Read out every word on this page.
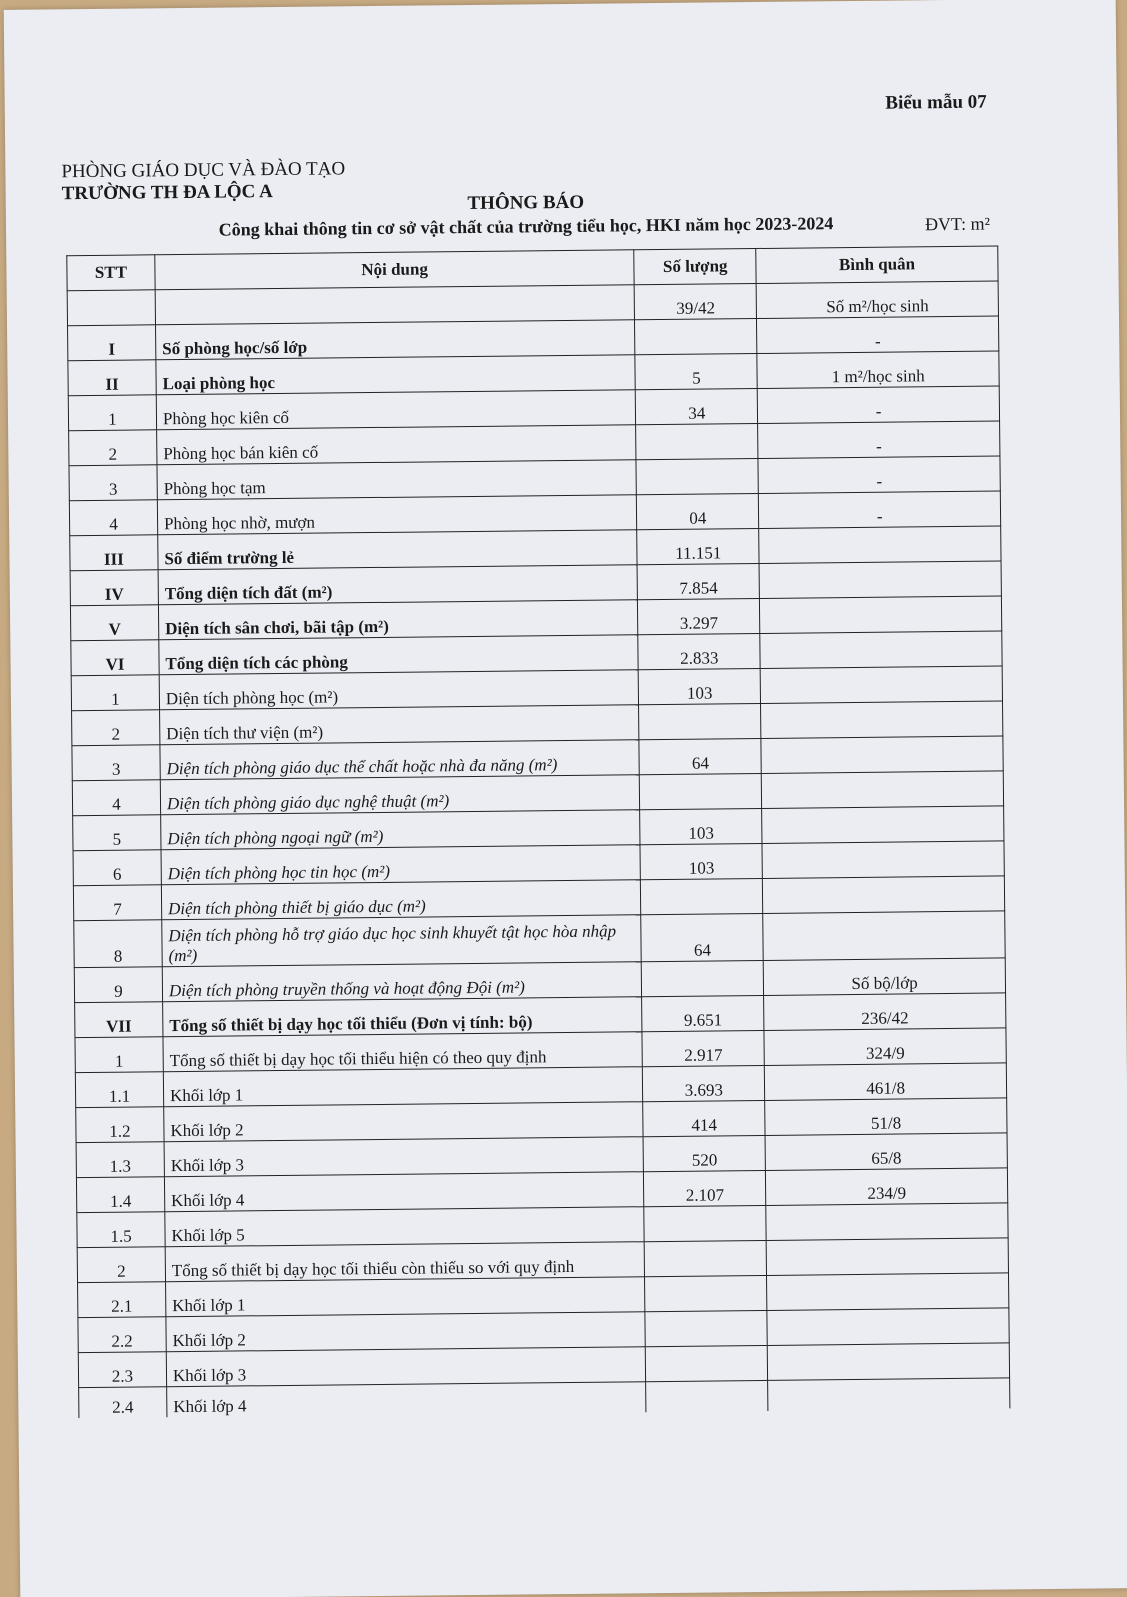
Biểu mẫu 07
PHÒNG GIÁO DỤC VÀ ĐÀO TẠO
TRƯỜNG TH ĐA LỘC A	THÔNG BÁO
Công khai thông tin cơ sở vật chất của trường tiểu học, HKI năm học 2023-2024	ĐVT: m²
STT	Nội dung	Số lượng	Bình quân
		39/42	Số m²/học sinh
I	Số phòng học/số lớp		-
II	Loại phòng học	5	1 m²/học sinh
1	Phòng học kiên cố	34	-
2	Phòng học bán kiên cố		-
3	Phòng học tạm		-
4	Phòng học nhờ, mượn	04	-
III	Số điểm trường lẻ	11.151	
IV	Tổng diện tích đất (m²)	7.854	
V	Diện tích sân chơi, bãi tập (m²)	3.297	
VI	Tổng diện tích các phòng	2.833	
1	Diện tích phòng học (m²)	103	
2	Diện tích thư viện (m²)		
3	Diện tích phòng giáo dục thể chất hoặc nhà đa năng (m²)	64	
4	Diện tích phòng giáo dục nghệ thuật (m²)		
5	Diện tích phòng ngoại ngữ (m²)	103	
6	Diện tích phòng học tin học (m²)	103	
7	Diện tích phòng thiết bị giáo dục (m²)		
8	Diện tích phòng hỗ trợ giáo dục học sinh khuyết tật học hòa nhập (m²)	64	
9	Diện tích phòng truyền thống và hoạt động Đội (m²)		Số bộ/lớp
VII	Tổng số thiết bị dạy học tối thiểu (Đơn vị tính: bộ)	9.651	236/42
1	Tổng số thiết bị dạy học tối thiểu hiện có theo quy định	2.917	324/9
1.1	Khối lớp 1	3.693	461/8
1.2	Khối lớp 2	414	51/8
1.3	Khối lớp 3	520	65/8
1.4	Khối lớp 4	2.107	234/9
1.5	Khối lớp 5		
2	Tổng số thiết bị dạy học tối thiểu còn thiếu so với quy định		
2.1	Khối lớp 1		
2.2	Khối lớp 2		
2.3	Khối lớp 3		
2.4	Khối lớp 4		
